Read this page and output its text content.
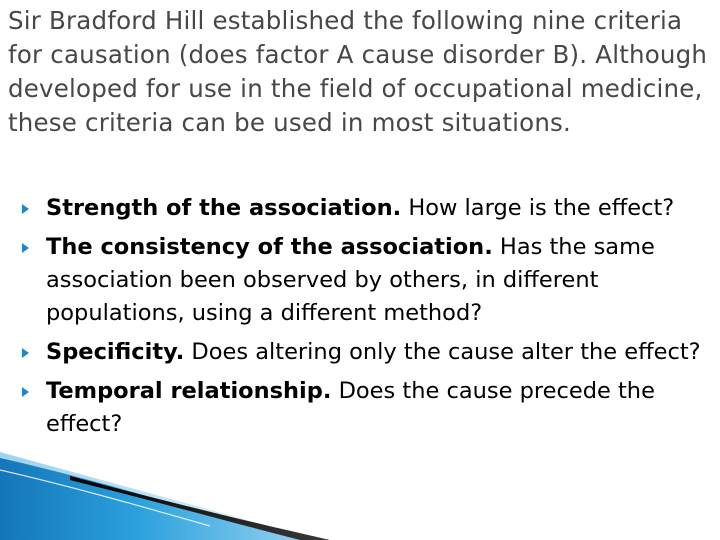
Sir Bradford Hill established the following nine criteria for causation (does factor A cause disorder B). Although developed for use in the field of occupational medicine, these criteria can be used in most situations.
Strength of the association. How large is the effect?
The consistency of the association. Has the same association been observed by others, in different populations, using a different method?
Specificity. Does altering only the cause alter the effect?
Temporal relationship. Does the cause precede the effect?
